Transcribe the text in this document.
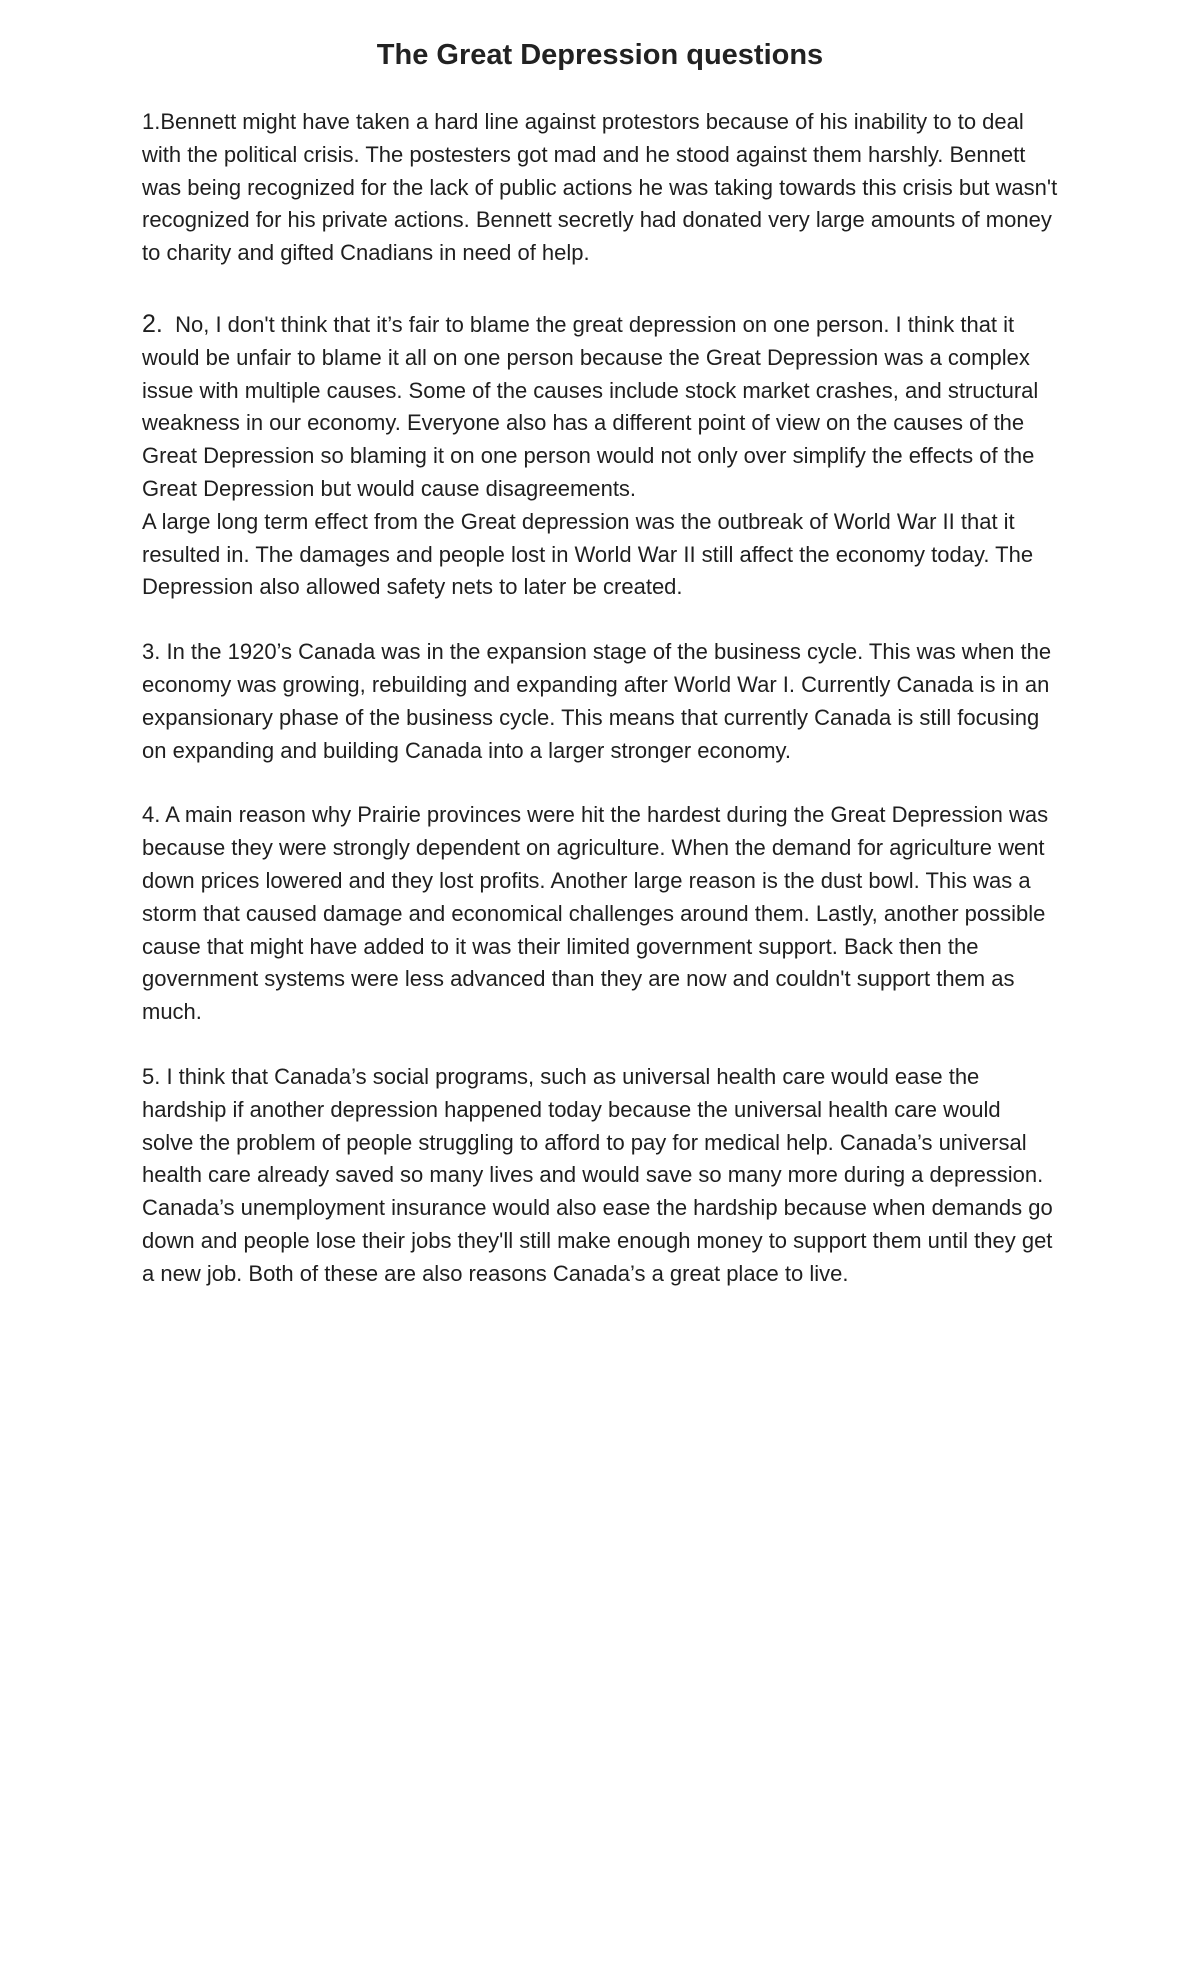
The Great Depression questions

1.Bennett might have taken a hard line against protestors because of his inability to to deal with the political crisis. The postesters got mad and he stood against them harshly. Bennett was being recognized for the lack of public actions he was taking towards this crisis but wasn't recognized for his private actions. Bennett secretly had donated very large amounts of money to charity and gifted Cnadians in need of help.

2. No, I don't think that it’s fair to blame the great depression on one person. I think that it would be unfair to blame it all on one person because the Great Depression was a complex issue with multiple causes. Some of the causes include stock market crashes, and structural weakness in our economy. Everyone also has a different point of view on the causes of the Great Depression so blaming it on one person would not only over simplify the effects of the Great Depression but would cause disagreements.

A large long term effect from the Great depression was the outbreak of World War II that it resulted in. The damages and people lost in World War II still affect the economy today. The Depression also allowed safety nets to later be created.

3. In the 1920’s Canada was in the expansion stage of the business cycle. This was when the economy was growing, rebuilding and expanding after World War I. Currently Canada is in an expansionary phase of the business cycle. This means that currently Canada is still focusing on expanding and building Canada into a larger stronger economy.

4. A main reason why Prairie provinces were hit the hardest during the Great Depression was because they were strongly dependent on agriculture. When the demand for agriculture went down prices lowered and they lost profits. Another large reason is the dust bowl. This was a storm that caused damage and economical challenges around them. Lastly, another possible cause that might have added to it was their limited government support. Back then the government systems were less advanced than they are now and couldn't support them as much.

5. I think that Canada’s social programs, such as universal health care would ease the hardship if another depression happened today because the universal health care would solve the problem of people struggling to afford to pay for medical help. Canada’s universal health care already saved so many lives and would save so many more during a depression. Canada’s unemployment insurance would also ease the hardship because when demands go down and people lose their jobs they'll still make enough money to support them until they get a new job. Both of these are also reasons Canada’s a great place to live.
